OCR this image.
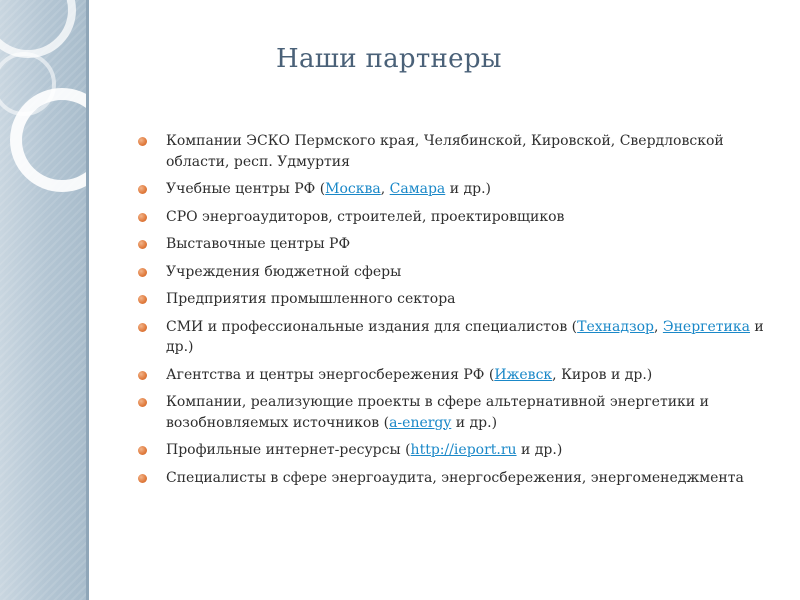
Наши партнеры
Компании ЭСКО Пермского края, Челябинской, Кировской, Свердловской области, респ. Удмуртия
Учебные центры РФ (Москва, Самара и др.)
СРО энергоаудиторов, строителей, проектировщиков
Выставочные центры РФ
Учреждения бюджетной сферы
Предприятия промышленного сектора
СМИ и профессиональные издания для специалистов (Технадзор, Энергетика и др.)
Агентства и центры энергосбережения РФ (Ижевск, Киров и др.)
Компании, реализующие проекты в сфере альтернативной энергетики и возобновляемых источников (а-energy и др.)
Профильные интернет-ресурсы (http://ieport.ru и др.)
Специалисты в сфере энергоаудита, энергосбережения, энергоменеджмента
